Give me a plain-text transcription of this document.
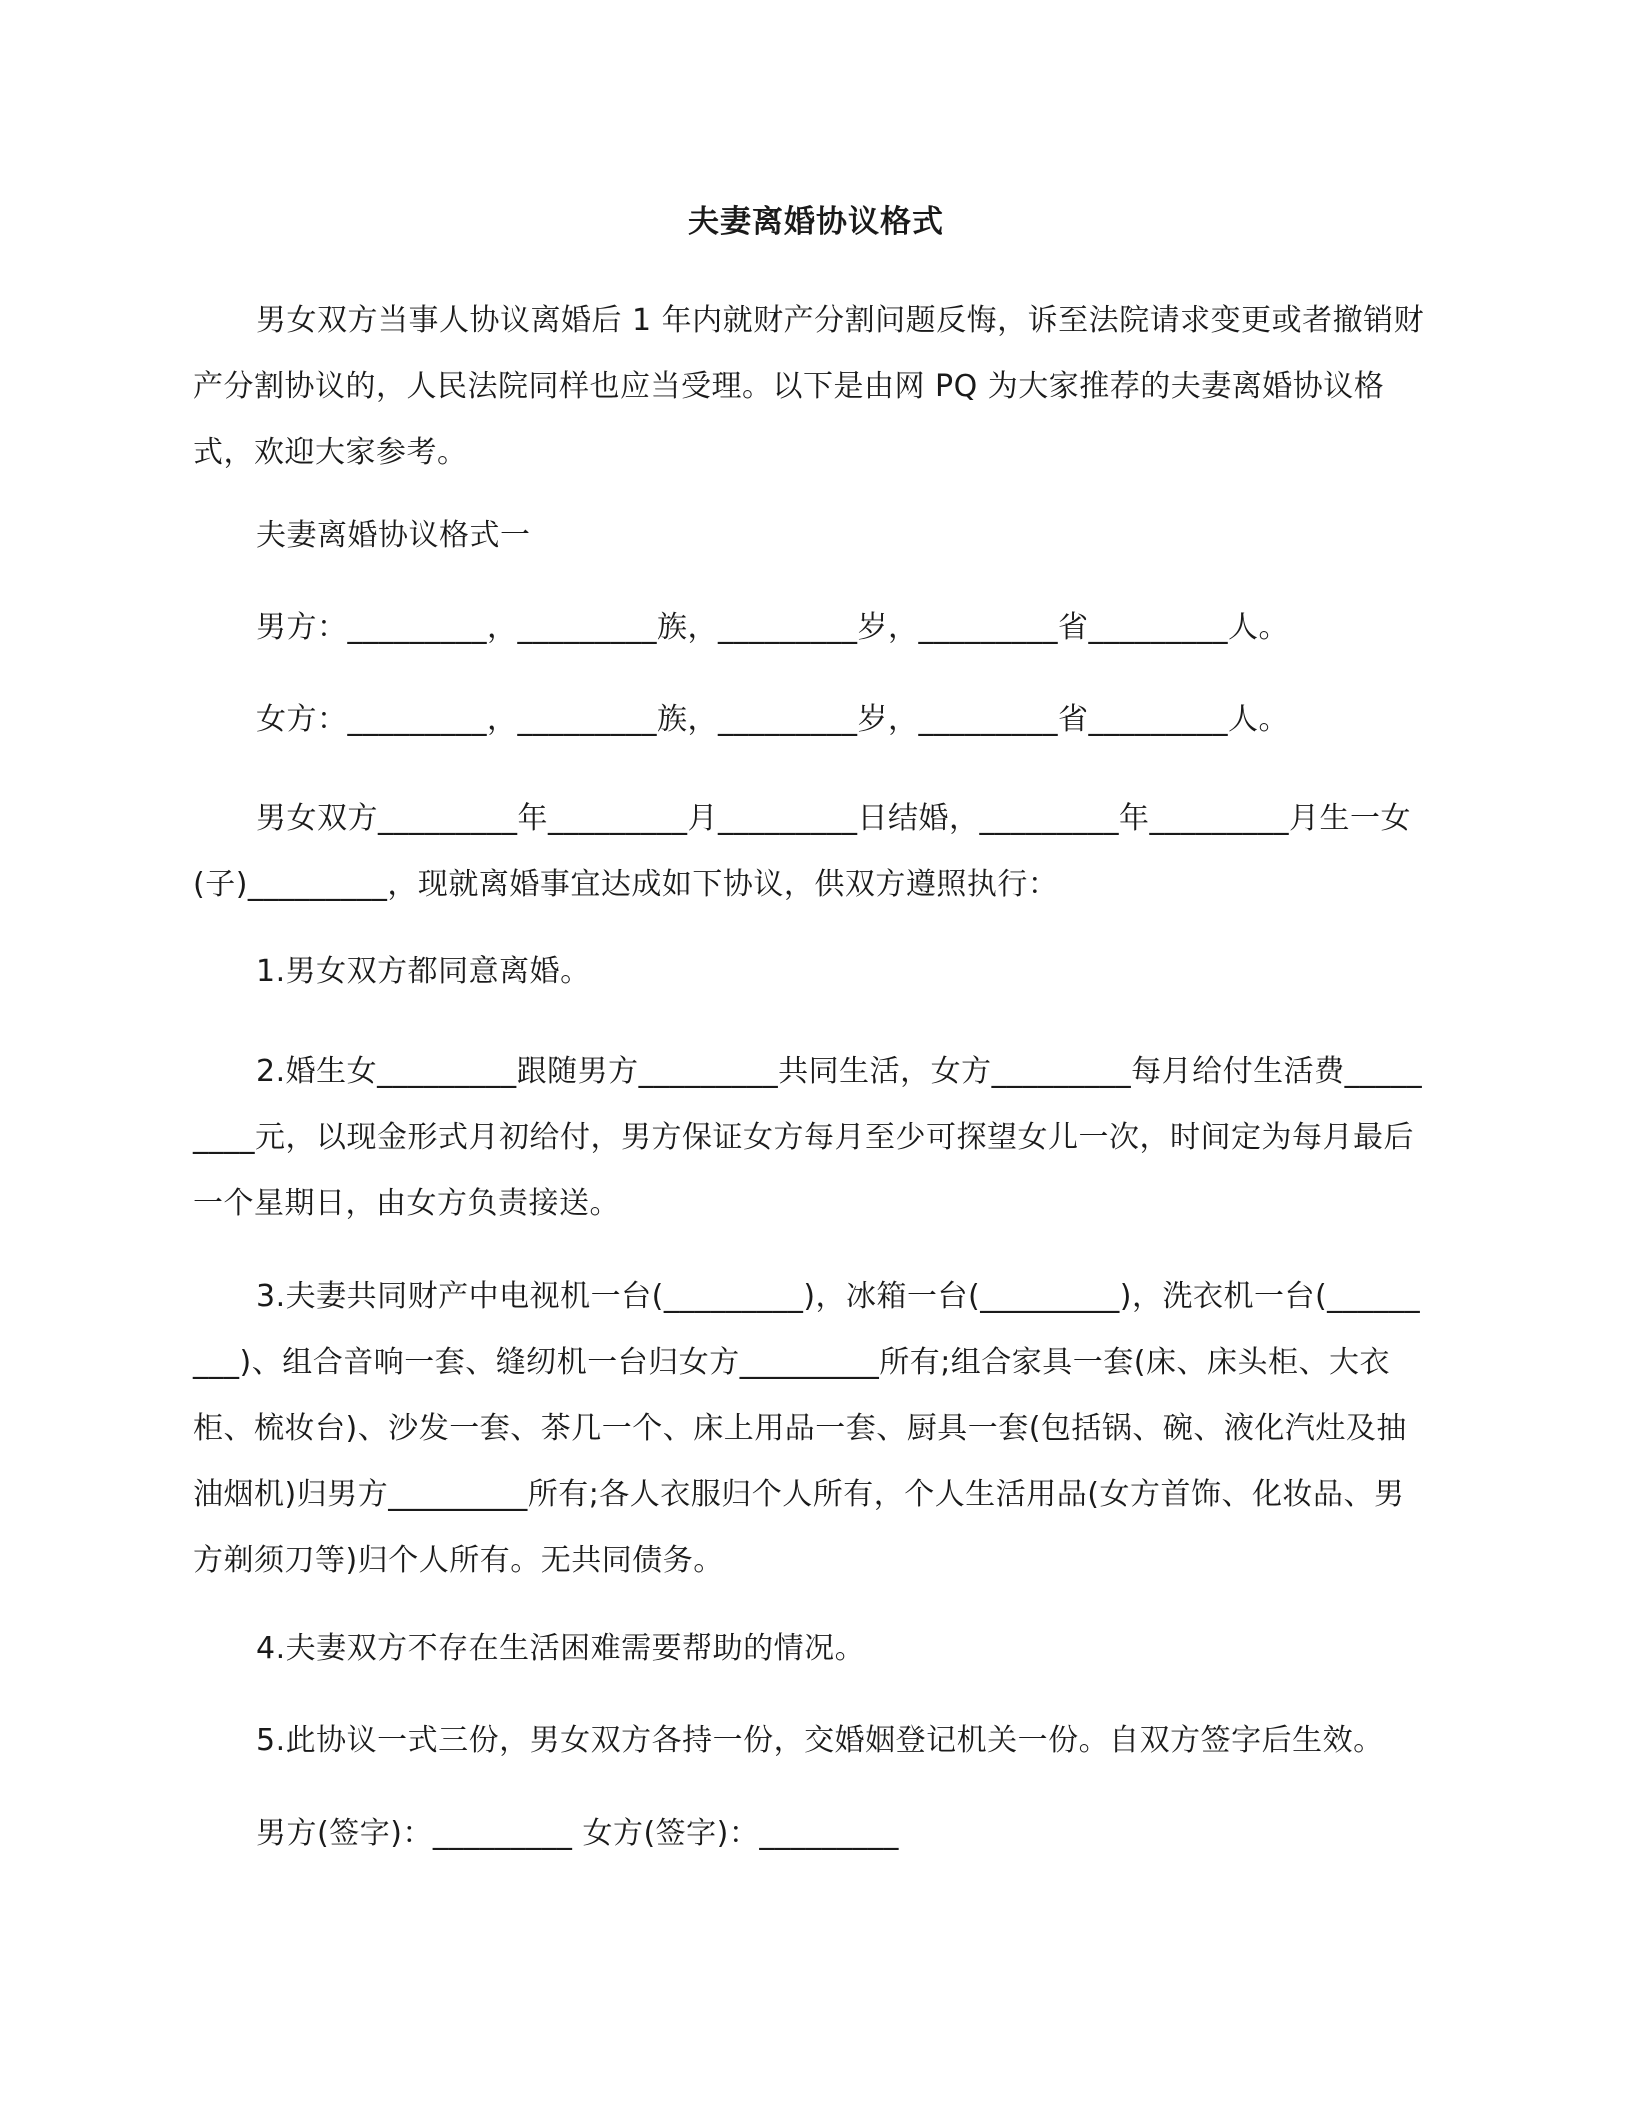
夫妻离婚协议格式

男女双方当事人协议离婚后 1 年内就财产分割问题反悔，诉至法院请求变更或者撤销财产分割协议的，人民法院同样也应当受理。以下是由网 PQ 为大家推荐的夫妻离婚协议格式，欢迎大家参考。

夫妻离婚协议格式一
男方：_________，_________族，_________岁，_________省_________人。
女方：_________，_________族，_________岁，_________省_________人。

男女双方_________年_________月_________日结婚，_________年_________月生一女(子)_________，现就离婚事宜达成如下协议，供双方遵照执行：

1.男女双方都同意离婚。

2.婚生女_________跟随男方_________共同生活，女方_________每月给付生活费_________元，以现金形式月初给付，男方保证女方每月至少可探望女儿一次，时间定为每月最后一个星期日，由女方负责接送。

3.夫妻共同财产中电视机一台(_________)，冰箱一台(_________)，洗衣机一台(_________)、组合音响一套、缝纫机一台归女方_________所有;组合家具一套(床、床头柜、大衣柜、梳妆台)、沙发一套、茶几一个、床上用品一套、厨具一套(包括锅、碗、液化汽灶及抽油烟机)归男方_________所有;各人衣服归个人所有，个人生活用品(女方首饰、化妆品、男方剃须刀等)归个人所有。无共同债务。

4.夫妻双方不存在生活困难需要帮助的情况。
5.此协议一式三份，男女双方各持一份，交婚姻登记机关一份。自双方签字后生效。
男方(签字)：_________ 女方(签字)：_________
